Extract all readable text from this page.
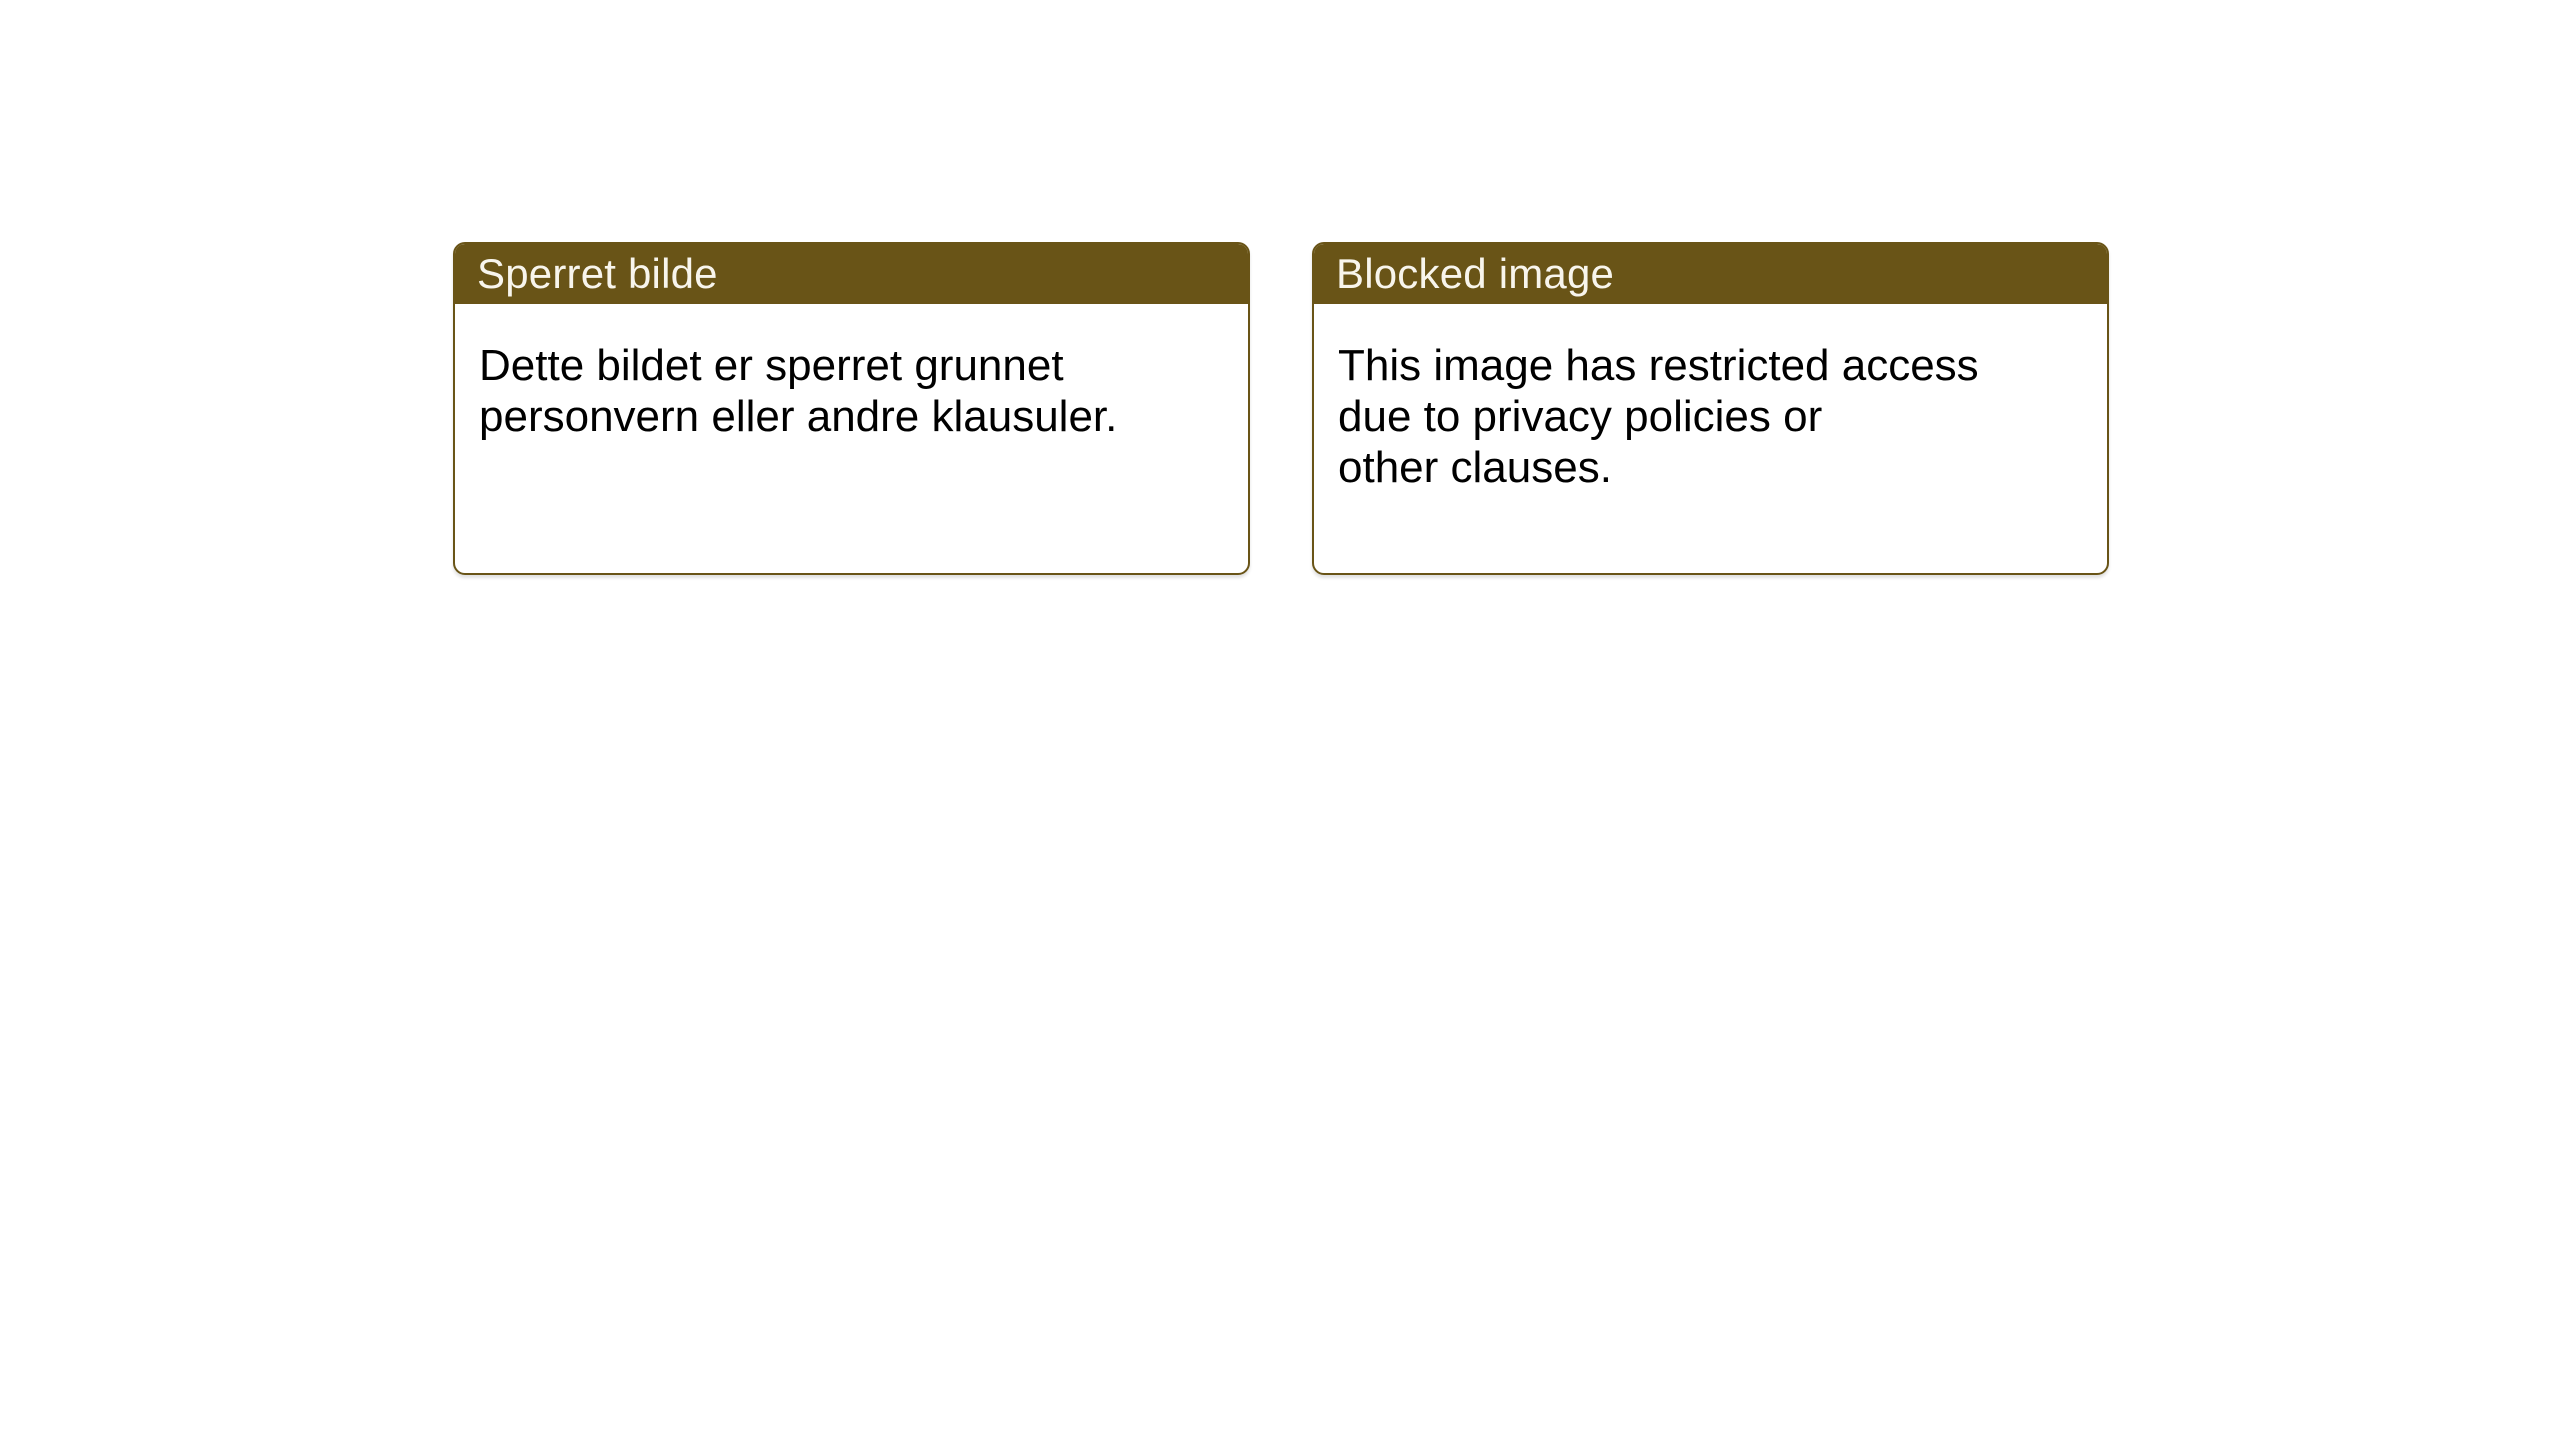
Sperret bilde

Dette bildet er sperret grunnet
personvern eller andre klausuler.

Blocked image

This image has restricted access
due to privacy policies or
other clauses.
